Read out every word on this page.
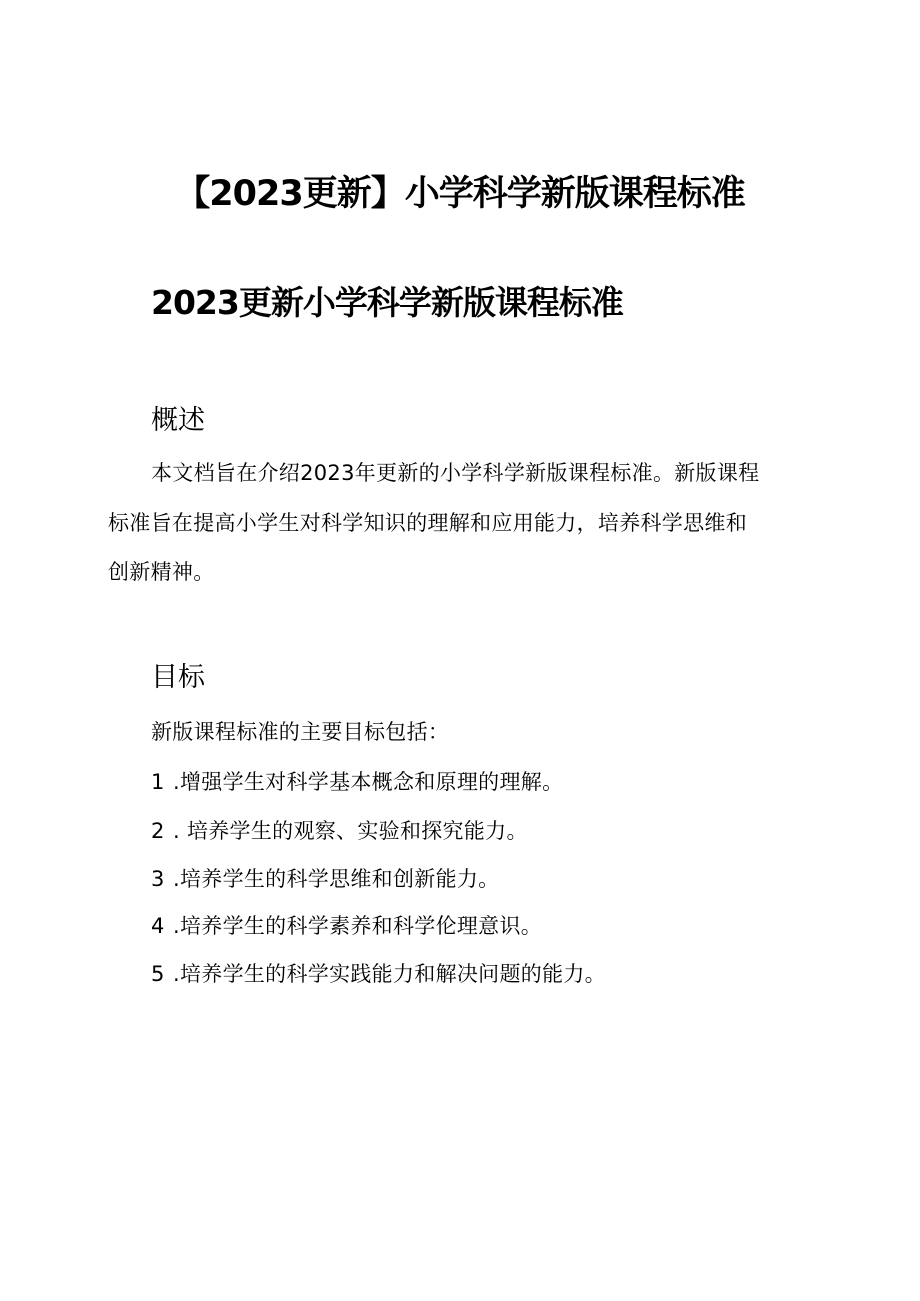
【2023更新】小学科学新版课程标准
2023更新小学科学新版课程标准
概述
本文档旨在介绍2023年更新的小学科学新版课程标准。新版课程
标准旨在提高小学生对科学知识的理解和应用能力，培养科学思维和
创新精神。
目标
新版课程标准的主要目标包括：
1 .增强学生对科学基本概念和原理的理解。
2 . 培养学生的观察、实验和探究能力。
3 .培养学生的科学思维和创新能力。
4 .培养学生的科学素养和科学伦理意识。
5 .培养学生的科学实践能力和解决问题的能力。
